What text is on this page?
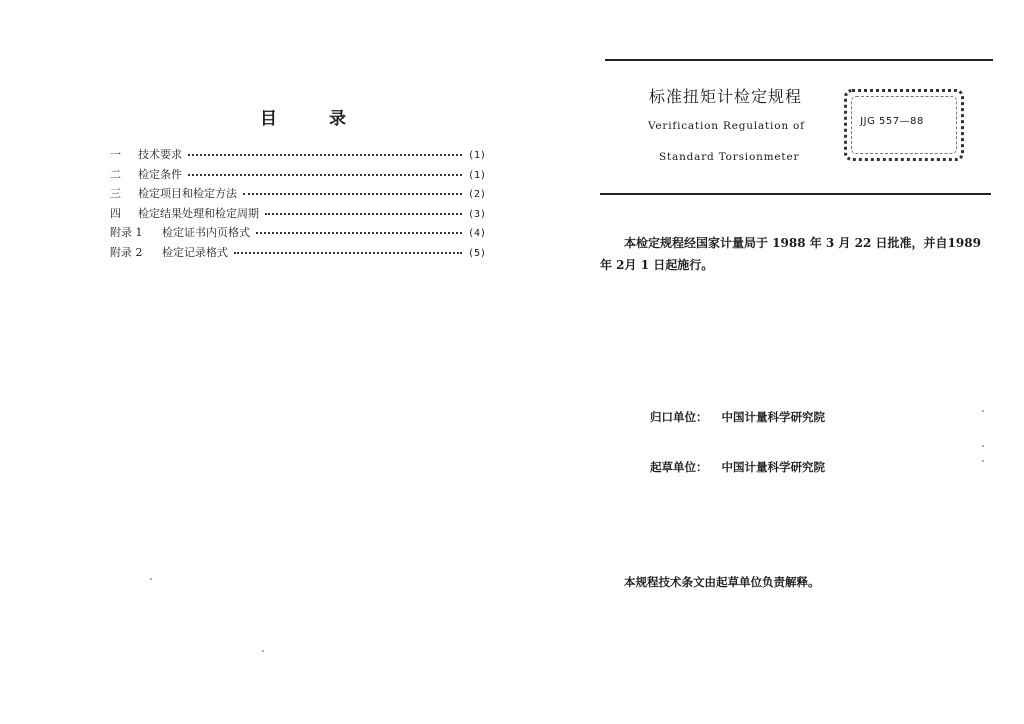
目	录
一	技术要求	(1)
二	检定条件	(1)
三	检定项目和检定方法	(2)
四	检定结果处理和检定周期	(3)
附录 1	检定证书内页格式	(4)
附录 2	检定记录格式	(5)
标准扭矩计检定规程
Verification Regulation of
Standard Torsionmeter
JJG 557—88
本检定规程经国家计量局于 1988 年 3 月 22 日批准，并自1989年 2月 1 日起施行。
归口单位： 中国计量科学研究院
起草单位： 中国计量科学研究院
本规程技术条文由起草单位负责解释。
